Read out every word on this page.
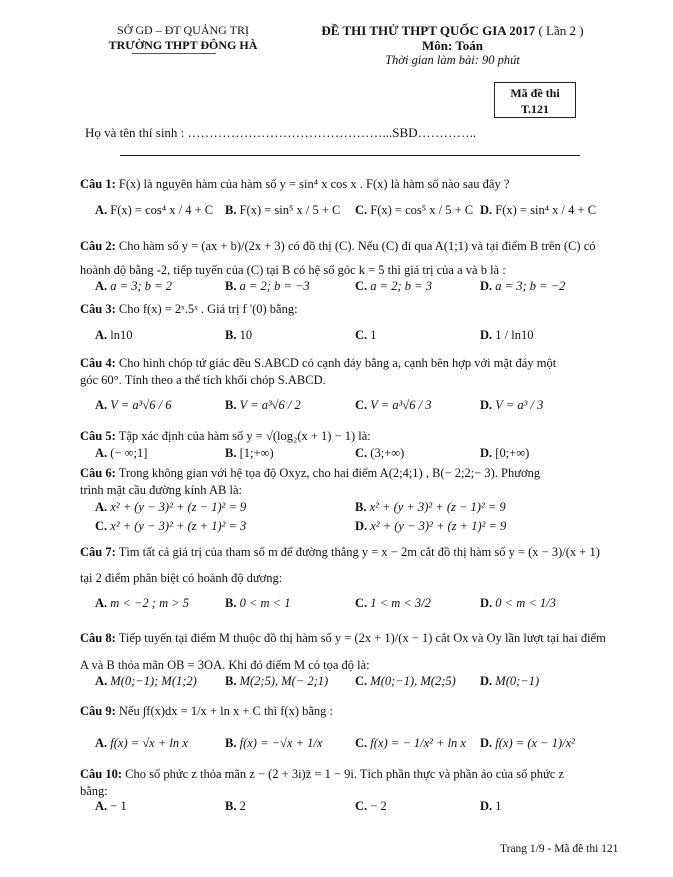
SỞ GD – ĐT QUẢNG TRỊ
TRƯỜNG THPT ĐÔNG HÀ
ĐỀ THI THỬ THPT QUỐC GIA 2017 ( Lần 2 )
Môn: Toán
Thời gian làm bài: 90 phút
Mã đề thi
T.121
Họ và tên thí sinh : ………………………………………...SBD…………..
Câu 1: F(x) là nguyên hàm của hàm số y = sin⁴ x cos x . F(x) là hàm số nào sau đây ?
A. F(x) = cos⁴ x / 4 + C B. F(x) = sin⁵ x / 5 + C C. F(x) = cos⁵ x / 5 + C D. F(x) = sin⁴ x / 4 + C
Câu 2: Cho hàm số y = (ax + b)/(2x + 3) có đồ thị (C). Nếu (C) đi qua A(1;1) và tại điểm B trên (C) có
hoành độ bằng -2, tiếp tuyến của (C) tại B có hệ số góc k = 5 thì giá trị của a và b là :
A. a = 3; b = 2	B. a = 2; b = −3	C. a = 2; b = 3	D. a = 3; b = −2
Câu 3: Cho f(x) = 2ˣ.5ˣ . Giá trị f '(0) bằng:
A. ln10	B. 10	C. 1	D. 1 / ln10
Câu 4: Cho hình chóp tứ giác đều S.ABCD có cạnh đáy bằng a, cạnh bên hợp với mặt đáy một
góc 60°. Tính theo a thể tích khối chóp S.ABCD.
A. V = a³√6 / 6	B. V = a³√6 / 2	C. V = a³√6 / 3	D. V = a³ / 3
Câu 5: Tập xác định của hàm số y = √(log₂(x + 1) − 1) là:
A. (− ∞;1]	B. [1;+∞)	C. (3;+∞)	D. [0;+∞)
Câu 6: Trong không gian với hệ tọa độ Oxyz, cho hai điểm A(2;4;1) , B(− 2;2;− 3). Phương
trình mặt cầu đường kính AB là:
A. x² + (y − 3)² + (z − 1)² = 9	B. x² + (y + 3)² + (z − 1)² = 9
C. x² + (y − 3)² + (z + 1)² = 3	D. x² + (y − 3)² + (z + 1)² = 9
Câu 7: Tìm tất cả giá trị của tham số m để đường thẳng y = x − 2m cắt đồ thị hàm số y = (x − 3)/(x + 1)
tại 2 điểm phân biệt có hoành độ dương:
A. m < −2 ; m > 5	B. 0 < m < 1	C. 1 < m < 3/2	D. 0 < m < 1/3
Câu 8: Tiếp tuyến tại điểm M thuộc đồ thị hàm số y = (2x + 1)/(x − 1) cắt Ox và Oy lần lượt tại hai điểm
A và B thỏa mãn OB = 3OA. Khi đó điểm M có tọa độ là:
A. M(0;−1); M(1;2) B. M(2;5), M(− 2;1) C. M(0;−1), M(2;5) D. M(0;−1)
Câu 9: Nếu ∫f(x)dx = 1/x + ln x + C thì f(x) bằng :
A. f(x) = √x + ln x	B. f(x) = −√x + 1/x	C. f(x) = − 1/x² + ln x D. f(x) = (x − 1)/x²
Câu 10: Cho số phức z thỏa mãn z − (2 + 3i)z̄ = 1 − 9i. Tích phần thực và phần ảo của số phức z
bằng:
A. − 1	B. 2	C. − 2	D. 1
Trang 1/9 - Mã đề thi 121
